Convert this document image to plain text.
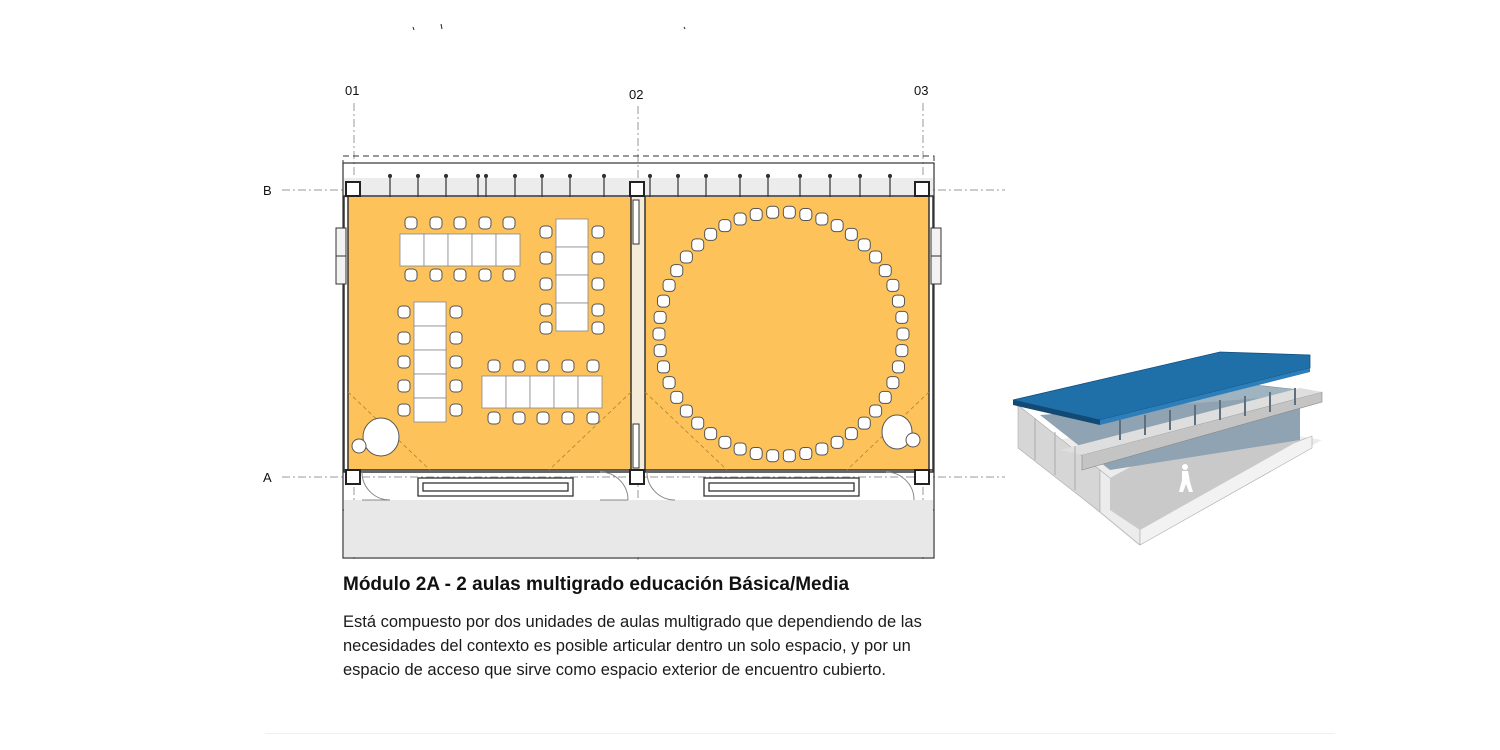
01	02	03
B
A
Módulo 2A - 2 aulas multigrado educación Básica/Media
Está compuesto por dos unidades de aulas multigrado que dependiendo de las
necesidades del contexto es posible articular dentro un solo espacio, y por un
espacio de acceso que sirve como espacio exterior de encuentro cubierto.
